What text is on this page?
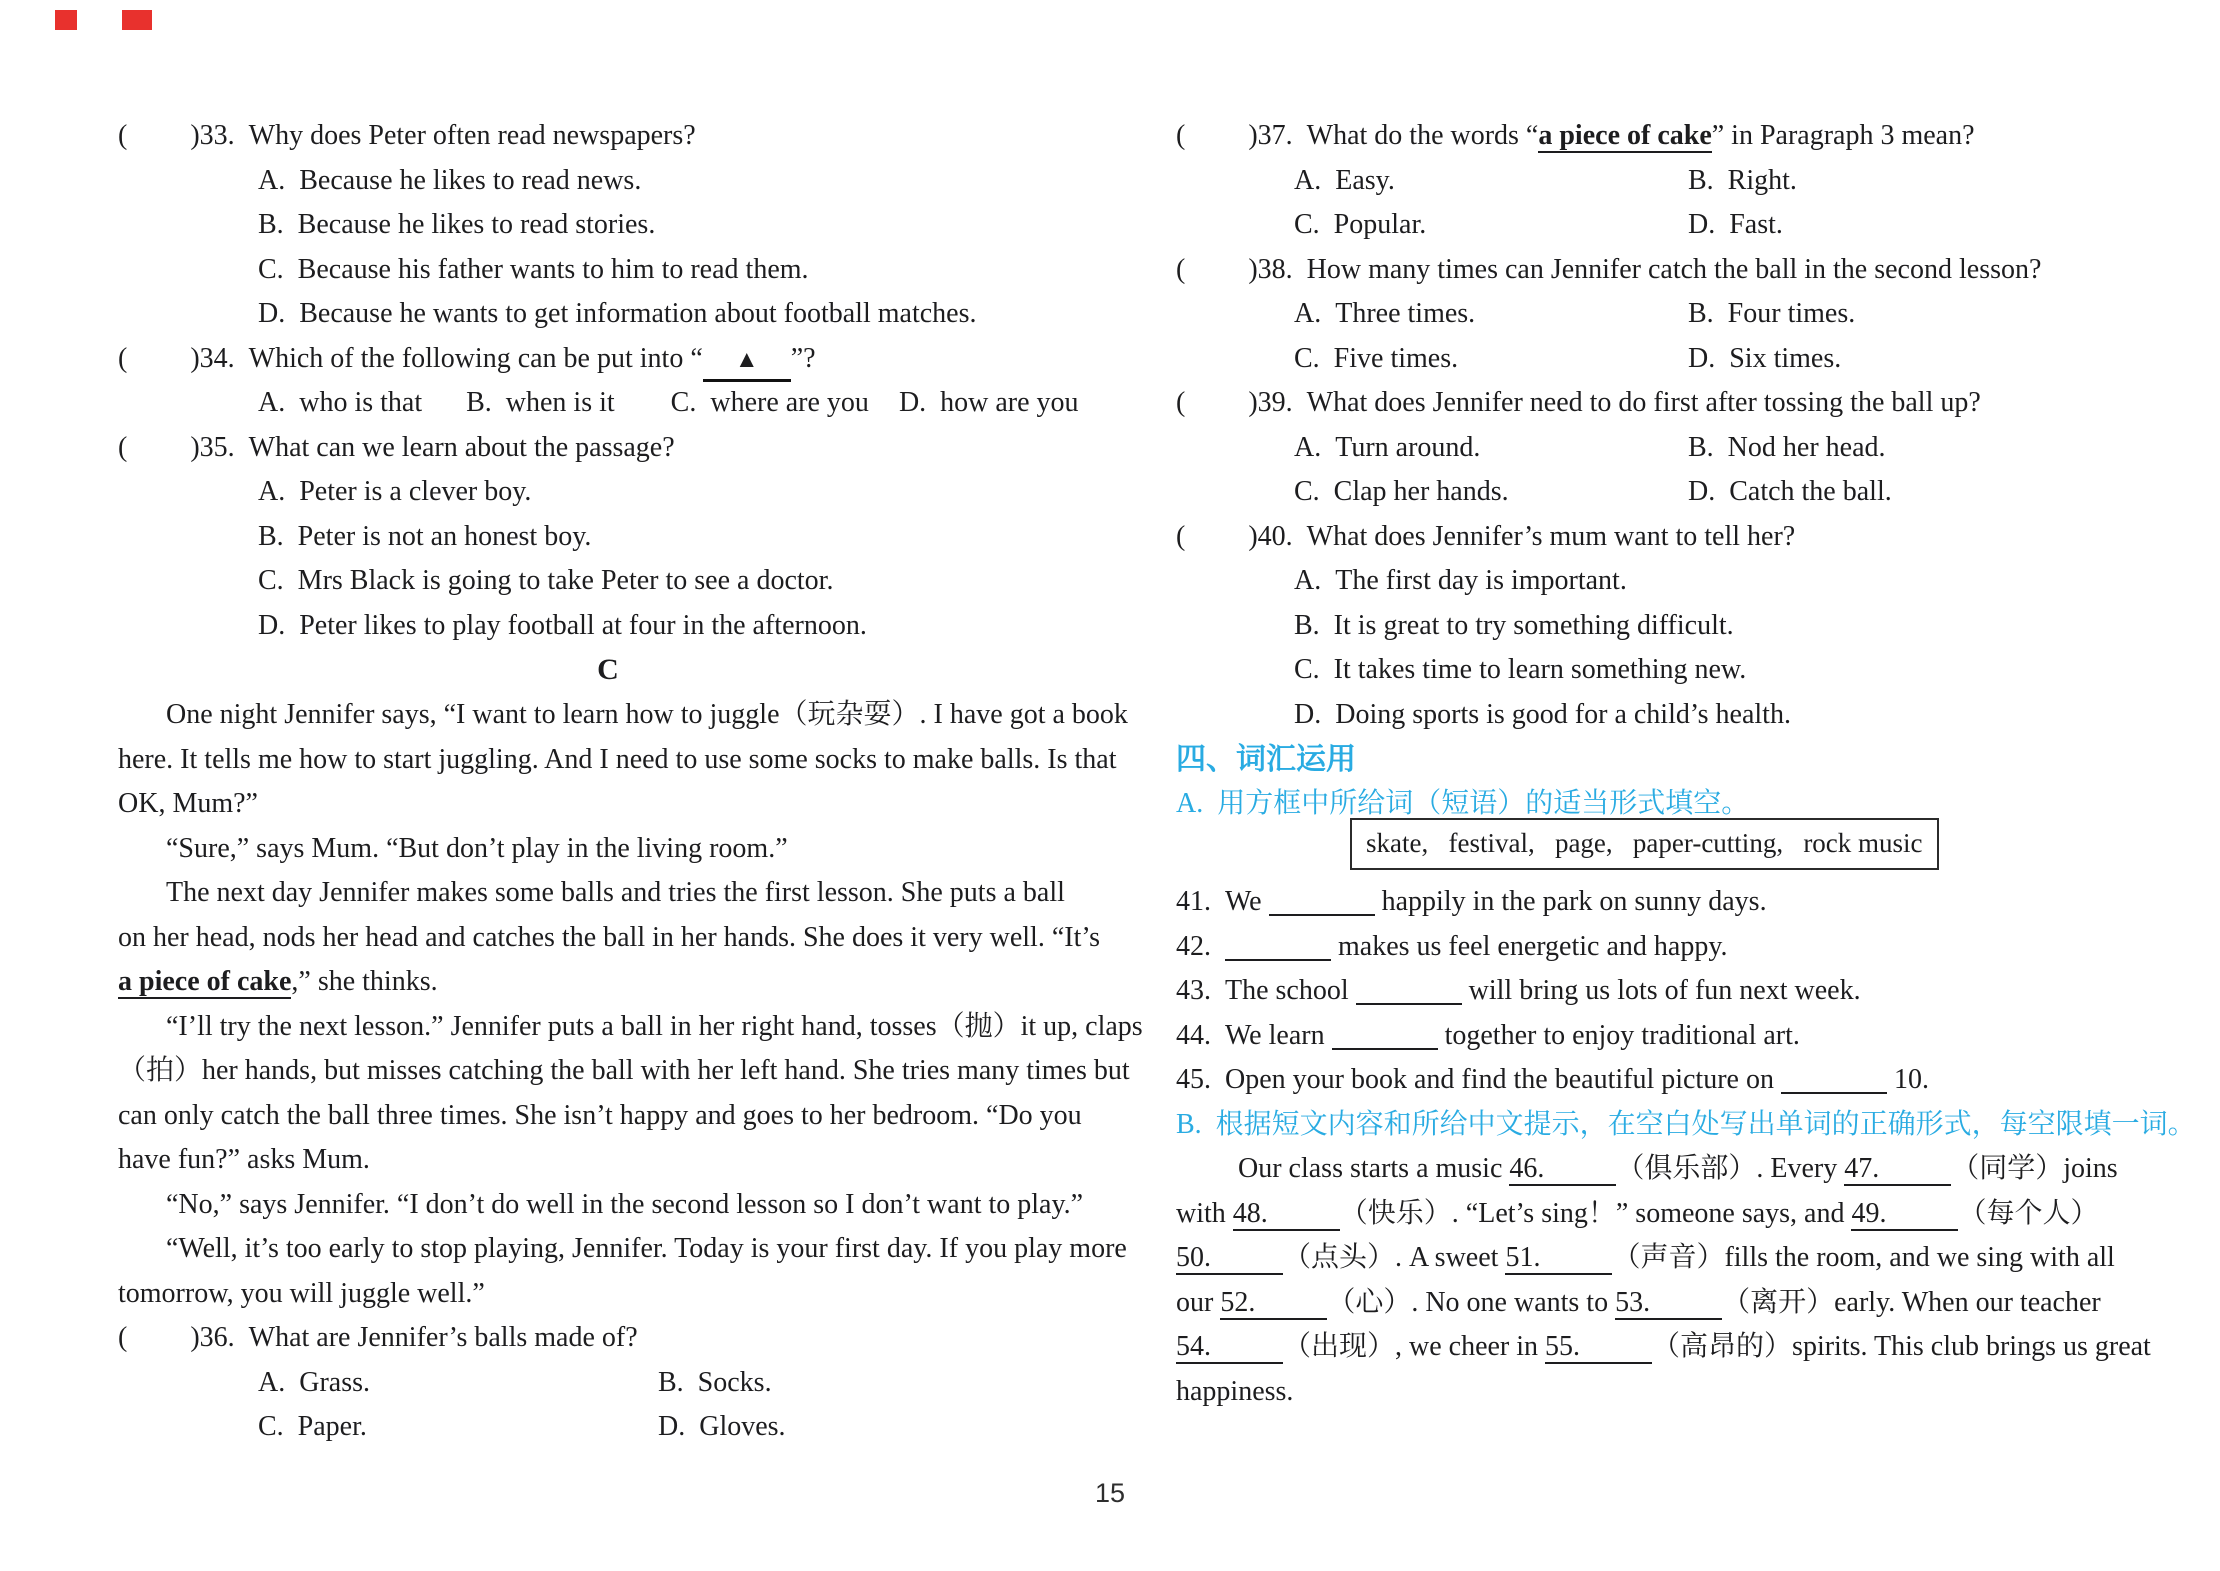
(         )33.  Why does Peter often read newspapers?
A.  Because he likes to read news.
B.  Because he likes to read stories.
C.  Because his father wants to him to read them.
D.  Because he wants to get information about football matches.
(         )34.  Which of the following can be put into “ ▲ ”?
A.  who is that B.  when is it C.  where are you D.  how are you
(         )35.  What can we learn about the passage?
A.  Peter is a clever boy.
B.  Peter is not an honest boy.
C.  Mrs Black is going to take Peter to see a doctor.
D.  Peter likes to play football at four in the afternoon.
C
One night Jennifer says, “I want to learn how to juggle（玩杂耍）. I have got a book
here. It tells me how to start juggling. And I need to use some socks to make balls. Is that
OK, Mum?”
“Sure,” says Mum. “But don’t play in the living room.”
The next day Jennifer makes some balls and tries the first lesson. She puts a ball
on her head, nods her head and catches the ball in her hands. She does it very well. “It’s
a piece of cake,” she thinks.
“I’ll try the next lesson.” Jennifer puts a ball in her right hand, tosses（抛）it up, claps
（拍）her hands, but misses catching the ball with her left hand. She tries many times but
can only catch the ball three times. She isn’t happy and goes to her bedroom. “Do you
have fun?” asks Mum.
“No,” says Jennifer. “I don’t do well in the second lesson so I don’t want to play.”
“Well, it’s too early to stop playing, Jennifer. Today is your first day. If you play more
tomorrow, you will juggle well.”
(         )36.  What are Jennifer’s balls made of?
A.  Grass.	B.  Socks.
C.  Paper.	D.  Gloves.
(         )37.  What do the words “a piece of cake” in Paragraph 3 mean?
A.  Easy.	B.  Right.
C.  Popular.	D.  Fast.
(         )38.  How many times can Jennifer catch the ball in the second lesson?
A.  Three times.	B.  Four times.
C.  Five times.	D.  Six times.
(         )39.  What does Jennifer need to do first after tossing the ball up?
A.  Turn around.	B.  Nod her head.
C.  Clap her hands.	D.  Catch the ball.
(         )40.  What does Jennifer’s mum want to tell her?
A.  The first day is important.
B.  It is great to try something difficult.
C.  It takes time to learn something new.
D.  Doing sports is good for a child’s health.
四、词汇运用
A.  用方框中所给词（短语）的适当形式填空。
skate,   festival,   page,   paper-cutting,   rock music
41.  We	happily in the park on sunny days.
42.	makes us feel energetic and happy.
43.  The school	will bring us lots of fun next week.
44.  We learn	together to enjoy traditional art.
45.  Open your book and find the beautiful picture on	10.
B.  根据短文内容和所给中文提示，在空白处写出单词的正确形式，每空限填一词。
Our class starts a music 46.	（俱乐部）. Every 47.	（同学）joins
with 48.	（快乐）. “Let’s sing！” someone says, and 49.	（每个人）
50.	（点头）. A sweet 51.	（声音）fills the room, and we sing with all
our 52.	（心）. No one wants to 53.	（离开）early. When our teacher
54.	（出现）, we cheer in 55.	（高昂的）spirits. This club brings us great
happiness.
15
